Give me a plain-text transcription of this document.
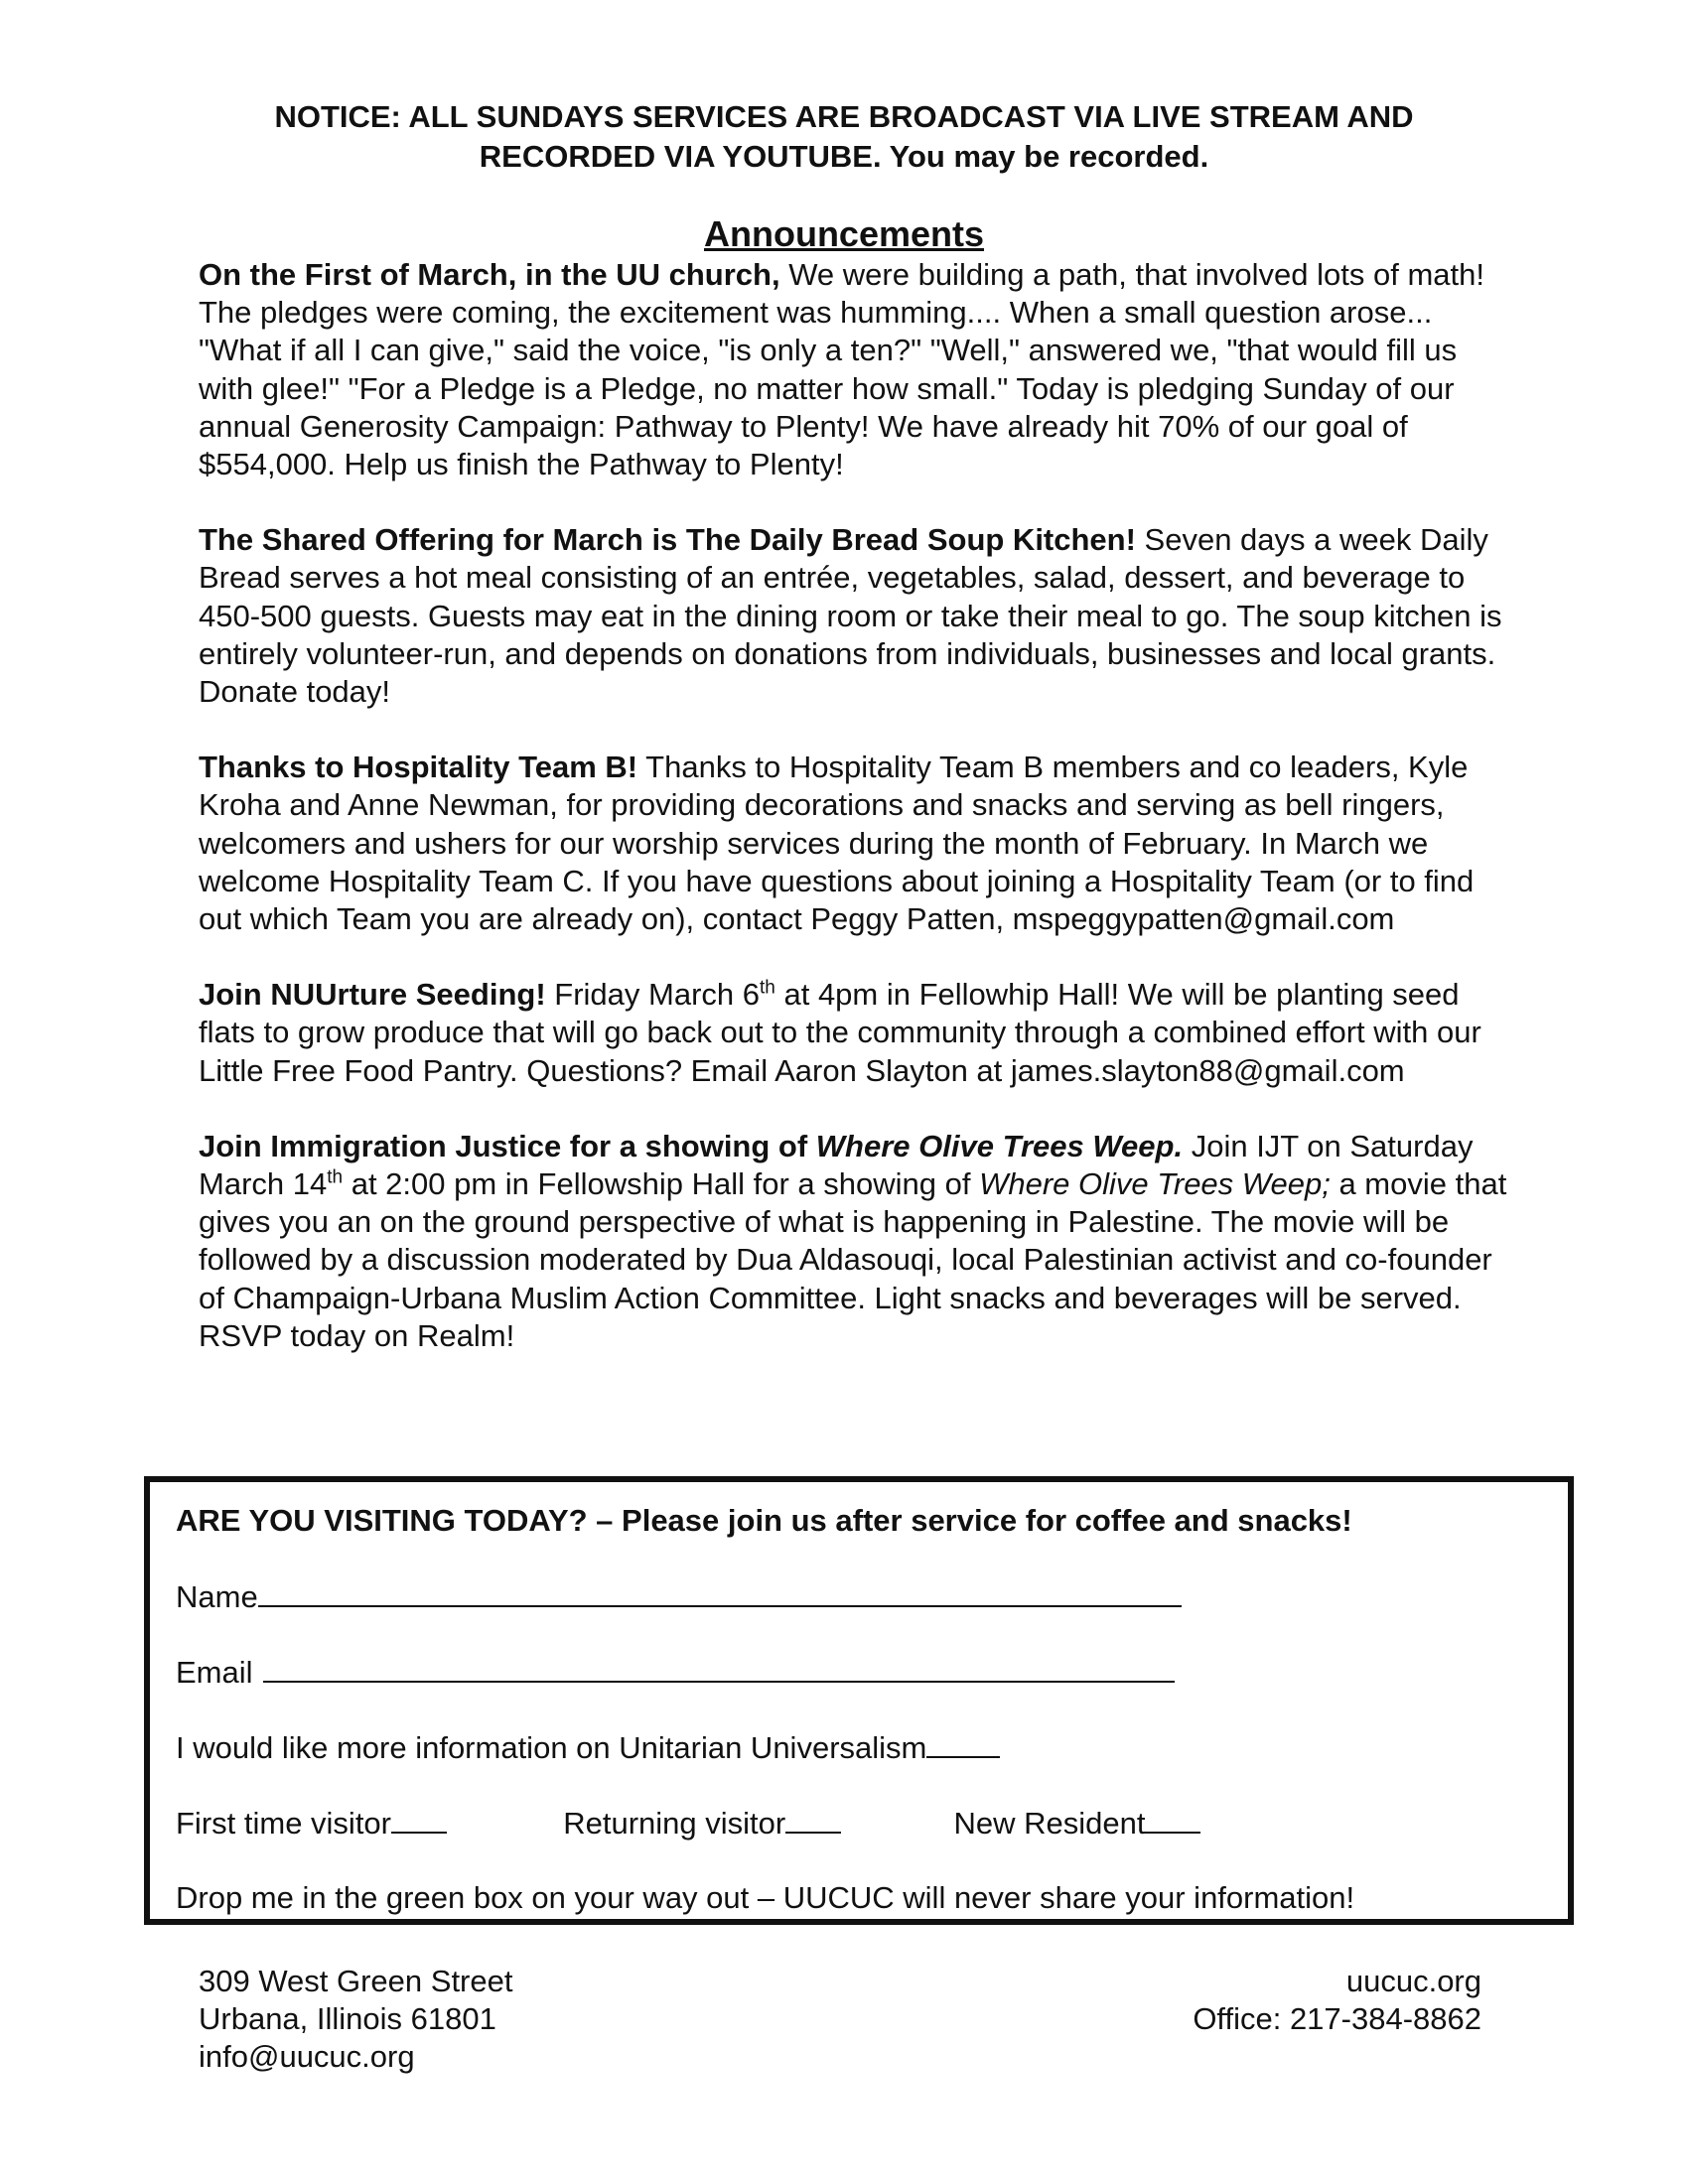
NOTICE: ALL SUNDAYS SERVICES ARE BROADCAST VIA LIVE STREAM AND
RECORDED VIA YOUTUBE. You may be recorded.
Announcements

On the First of March, in the UU church, We were building a path, that involved lots of math! The pledges were coming, the excitement was humming.... When a small question arose... "What if all I can give," said the voice, "is only a ten?" "Well," answered we, "that would fill us with glee!" "For a Pledge is a Pledge, no matter how small." Today is pledging Sunday of our annual Generosity Campaign: Pathway to Plenty! We have already hit 70% of our goal of $554,000. Help us finish the Pathway to Plenty!

The Shared Offering for March is The Daily Bread Soup Kitchen! Seven days a week Daily Bread serves a hot meal consisting of an entrée, vegetables, salad, dessert, and beverage to 450-500 guests. Guests may eat in the dining room or take their meal to go. The soup kitchen is entirely volunteer-run, and depends on donations from individuals, businesses and local grants. Donate today!

Thanks to Hospitality Team B! Thanks to Hospitality Team B members and co leaders, Kyle Kroha and Anne Newman, for providing decorations and snacks and serving as bell ringers, welcomers and ushers for our worship services during the month of February. In March we welcome Hospitality Team C. If you have questions about joining a Hospitality Team (or to find out which Team you are already on), contact Peggy Patten, mspeggypatten@gmail.com

Join NUUrture Seeding! Friday March 6th at 4pm in Fellowhip Hall! We will be planting seed flats to grow produce that will go back out to the community through a combined effort with our Little Free Food Pantry. Questions? Email Aaron Slayton at james.slayton88@gmail.com

Join Immigration Justice for a showing of Where Olive Trees Weep. Join IJT on Saturday March 14th at 2:00 pm in Fellowship Hall for a showing of Where Olive Trees Weep; a movie that gives you an on the ground perspective of what is happening in Palestine. The movie will be followed by a discussion moderated by Dua Aldasouqi, local Palestinian activist and co-founder of Champaign-Urbana Muslim Action Committee. Light snacks and beverages will be served. RSVP today on Realm!

ARE YOU VISITING TODAY? – Please join us after service for coffee and snacks!
Name
Email
I would like more information on Unitarian Universalism
First time visitor	Returning visitor	New Resident
Drop me in the green box on your way out – UUCUC will never share your information!
309 West Green Street
Urbana, Illinois 61801
info@uucuc.org
uucuc.org
Office: 217-384-8862
